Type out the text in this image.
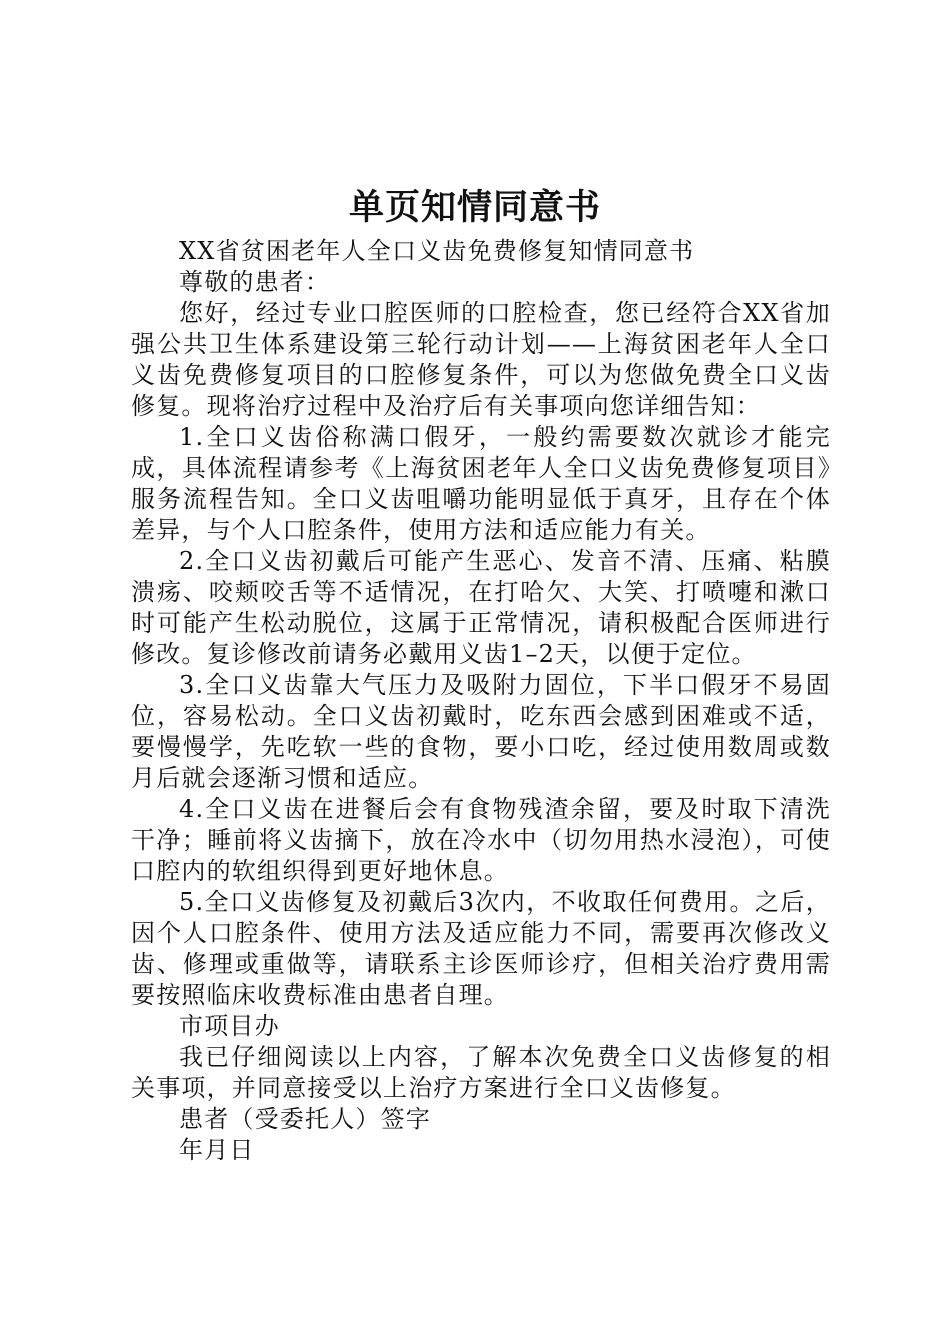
单页知情同意书

XX省贫困老年人全口义齿免费修复知情同意书

尊敬的患者：

您好，经过专业口腔医师的口腔检查，您已经符合XX省加强公共卫生体系建设第三轮行动计划——上海贫困老年人全口义齿免费修复项目的口腔修复条件，可以为您做免费全口义齿修复。现将治疗过程中及治疗后有关事项向您详细告知：

1.全口义齿俗称满口假牙，一般约需要数次就诊才能完成，具体流程请参考《上海贫困老年人全口义齿免费修复项目》服务流程告知。全口义齿咀嚼功能明显低于真牙，且存在个体差异，与个人口腔条件，使用方法和适应能力有关。

2.全口义齿初戴后可能产生恶心、发音不清、压痛、粘膜溃疡、咬颊咬舌等不适情况，在打哈欠、大笑、打喷嚏和漱口时可能产生松动脱位，这属于正常情况，请积极配合医师进行修改。复诊修改前请务必戴用义齿1–2天，以便于定位。

3.全口义齿靠大气压力及吸附力固位，下半口假牙不易固位，容易松动。全口义齿初戴时，吃东西会感到困难或不适，要慢慢学，先吃软一些的食物，要小口吃，经过使用数周或数月后就会逐渐习惯和适应。

4.全口义齿在进餐后会有食物残渣余留，要及时取下清洗干净；睡前将义齿摘下，放在冷水中（切勿用热水浸泡），可使口腔内的软组织得到更好地休息。

5.全口义齿修复及初戴后3次内，不收取任何费用。之后，因个人口腔条件、使用方法及适应能力不同，需要再次修改义齿、修理或重做等，请联系主诊医师诊疗，但相关治疗费用需要按照临床收费标准由患者自理。

市项目办

我已仔细阅读以上内容，了解本次免费全口义齿修复的相关事项，并同意接受以上治疗方案进行全口义齿修复。

患者（受委托人）签字

年月日
